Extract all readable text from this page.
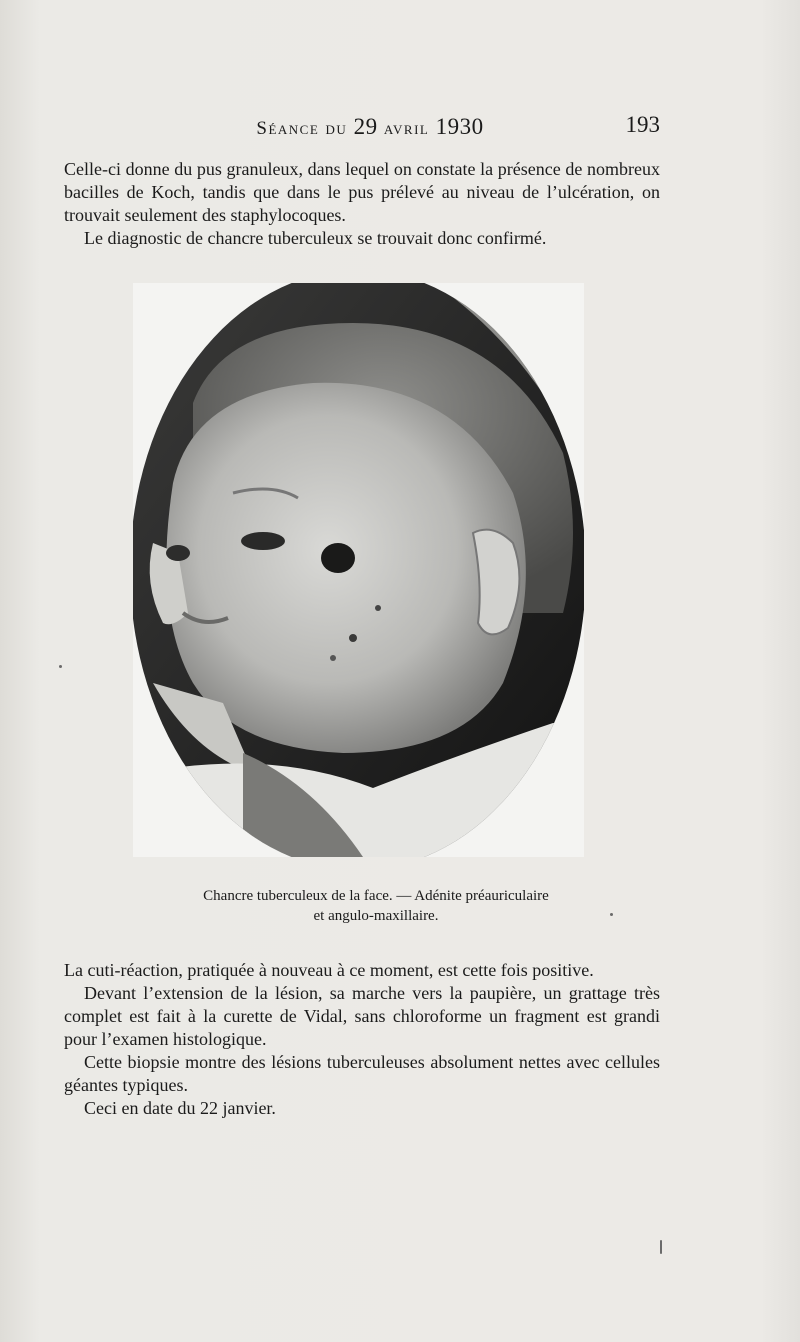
Séance du 29 avril 1930	193

Celle-ci donne du pus granuleux, dans lequel on constate la présence de nombreux bacilles de Koch, tandis que dans le pus prélevé au niveau de l’ulcération, on trouvait seulement des staphylocoques.

Le diagnostic de chancre tuberculeux se trouvait donc confirmé.

Chancre tuberculeux de la face. — Adénite préauriculaire
et angulo-maxillaire.

La cuti-réaction, pratiquée à nouveau à ce moment, est cette fois positive.

Devant l’extension de la lésion, sa marche vers la paupière, un grattage très complet est fait à la curette de Vidal, sans chloroforme un fragment est grandi pour l’examen histologique.

Cette biopsie montre des lésions tuberculeuses absolument nettes avec cellules géantes typiques.

Ceci en date du 22 janvier.
